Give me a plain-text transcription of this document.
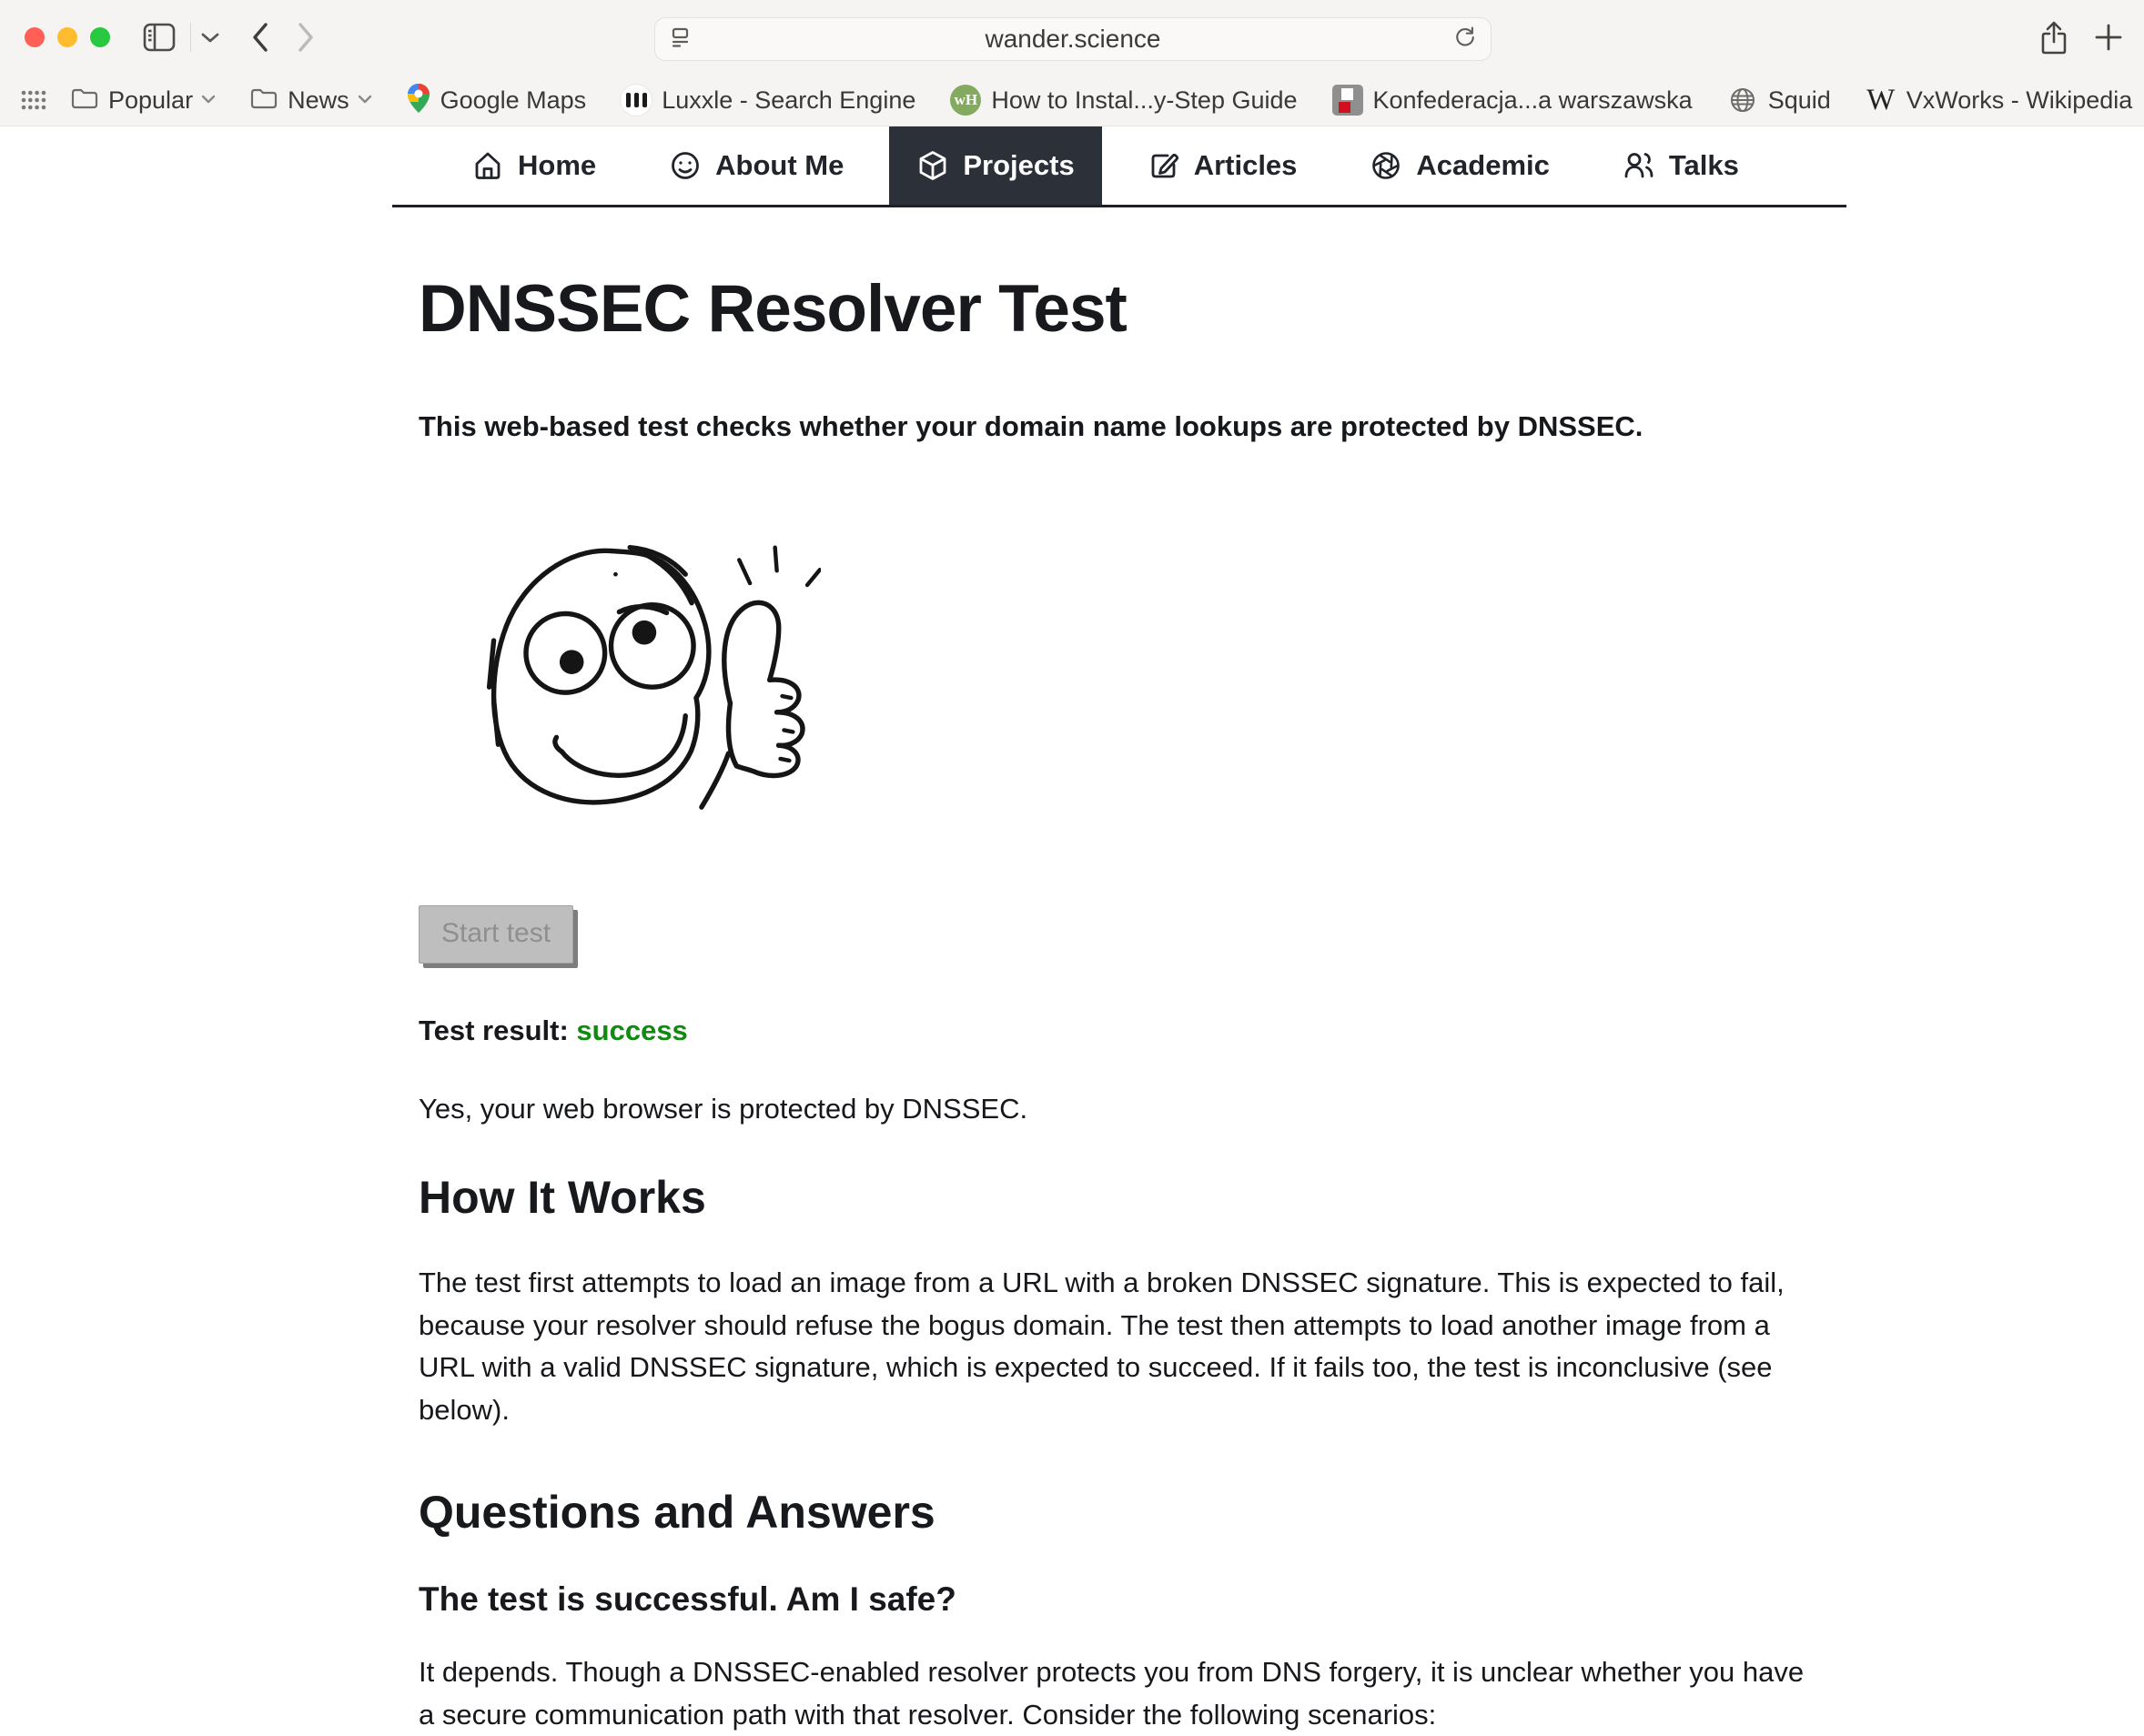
wander.science
Popular	News	Google Maps	Luxxle - Search Engine wH How to Instal...y-Step Guide	Konfederacja...a warszawska	Squid W VxWorks - Wikipedia
Home	About Me	Projects	Articles	Academic	Talks
DNSSEC Resolver Test

This web-based test checks whether your domain name lookups are protected by DNSSEC.

Start test

Test result: success

Yes, your web browser is protected by DNSSEC.

How It Works

The test first attempts to load an image from a URL with a broken DNSSEC signature. This is expected to fail, because your resolver should refuse the bogus domain. The test then attempts to load another image from a URL with a valid DNSSEC signature, which is expected to succeed. If it fails too, the test is inconclusive (see below).

Questions and Answers
The test is successful. Am I safe?

It depends. Though a DNSSEC-enabled resolver protects you from DNS forgery, it is unclear whether you have a secure communication path with that resolver. Consider the following scenarios:
